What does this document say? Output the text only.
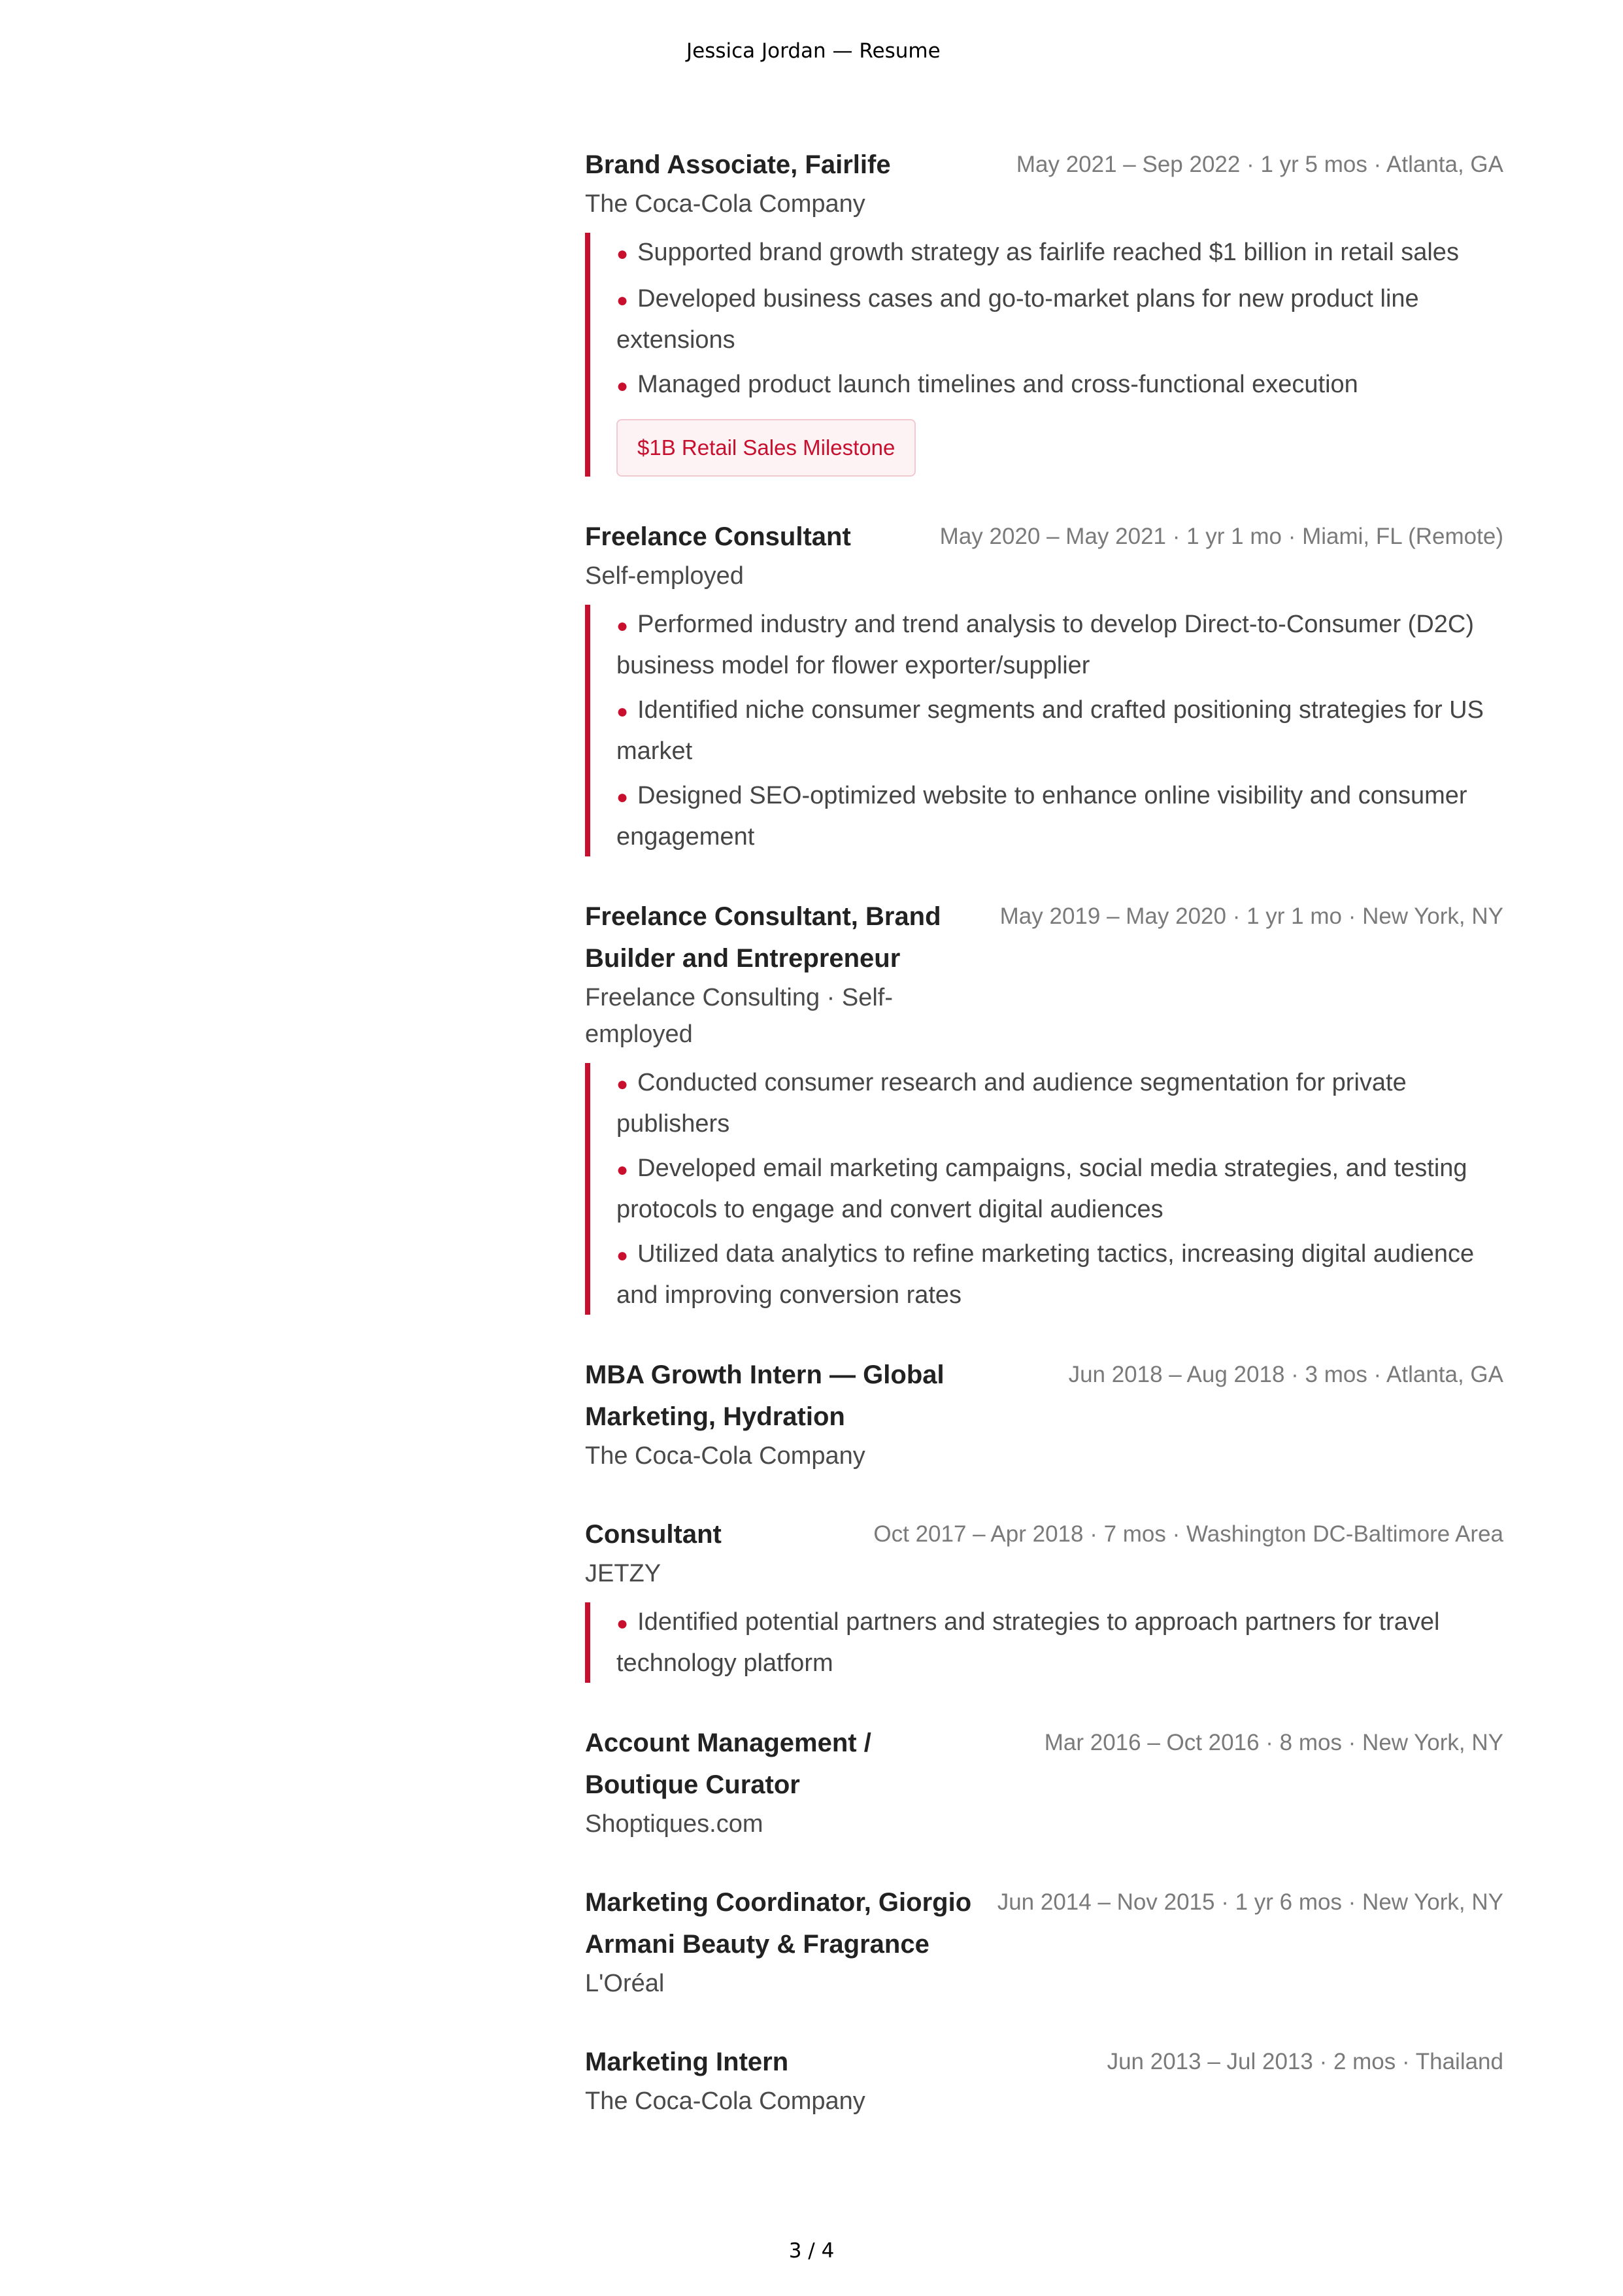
Jessica Jordan — Resume
Brand Associate, Fairlife
The Coca-Cola Company
May 2021 – Sep 2022 · 1 yr 5 mos · Atlanta, GA
● Supported brand growth strategy as fairlife reached $1 billion in retail sales
● Developed business cases and go-to-market plans for new product line extensions
● Managed product launch timelines and cross-functional execution
$1B Retail Sales Milestone
Freelance Consultant
Self-employed
May 2020 – May 2021 · 1 yr 1 mo · Miami, FL (Remote)
● Performed industry and trend analysis to develop Direct-to-Consumer (D2C) business model for flower exporter/supplier
● Identified niche consumer segments and crafted positioning strategies for US market
● Designed SEO-optimized website to enhance online visibility and consumer engagement
Freelance Consultant, Brand Builder and Entrepreneur
Freelance Consulting · Self-employed
May 2019 – May 2020 · 1 yr 1 mo · New York, NY
● Conducted consumer research and audience segmentation for private publishers
● Developed email marketing campaigns, social media strategies, and testing protocols to engage and convert digital audiences
● Utilized data analytics to refine marketing tactics, increasing digital audience and improving conversion rates
MBA Growth Intern — Global Marketing, Hydration
The Coca-Cola Company
Jun 2018 – Aug 2018 · 3 mos · Atlanta, GA
Consultant
JETZY
Oct 2017 – Apr 2018 · 7 mos · Washington DC-Baltimore Area
● Identified potential partners and strategies to approach partners for travel technology platform
Account Management / Boutique Curator
Shoptiques.com
Mar 2016 – Oct 2016 · 8 mos · New York, NY
Marketing Coordinator, Giorgio Armani Beauty & Fragrance
L'Oréal
Jun 2014 – Nov 2015 · 1 yr 6 mos · New York, NY
Marketing Intern
The Coca-Cola Company
Jun 2013 – Jul 2013 · 2 mos · Thailand
3 / 4
